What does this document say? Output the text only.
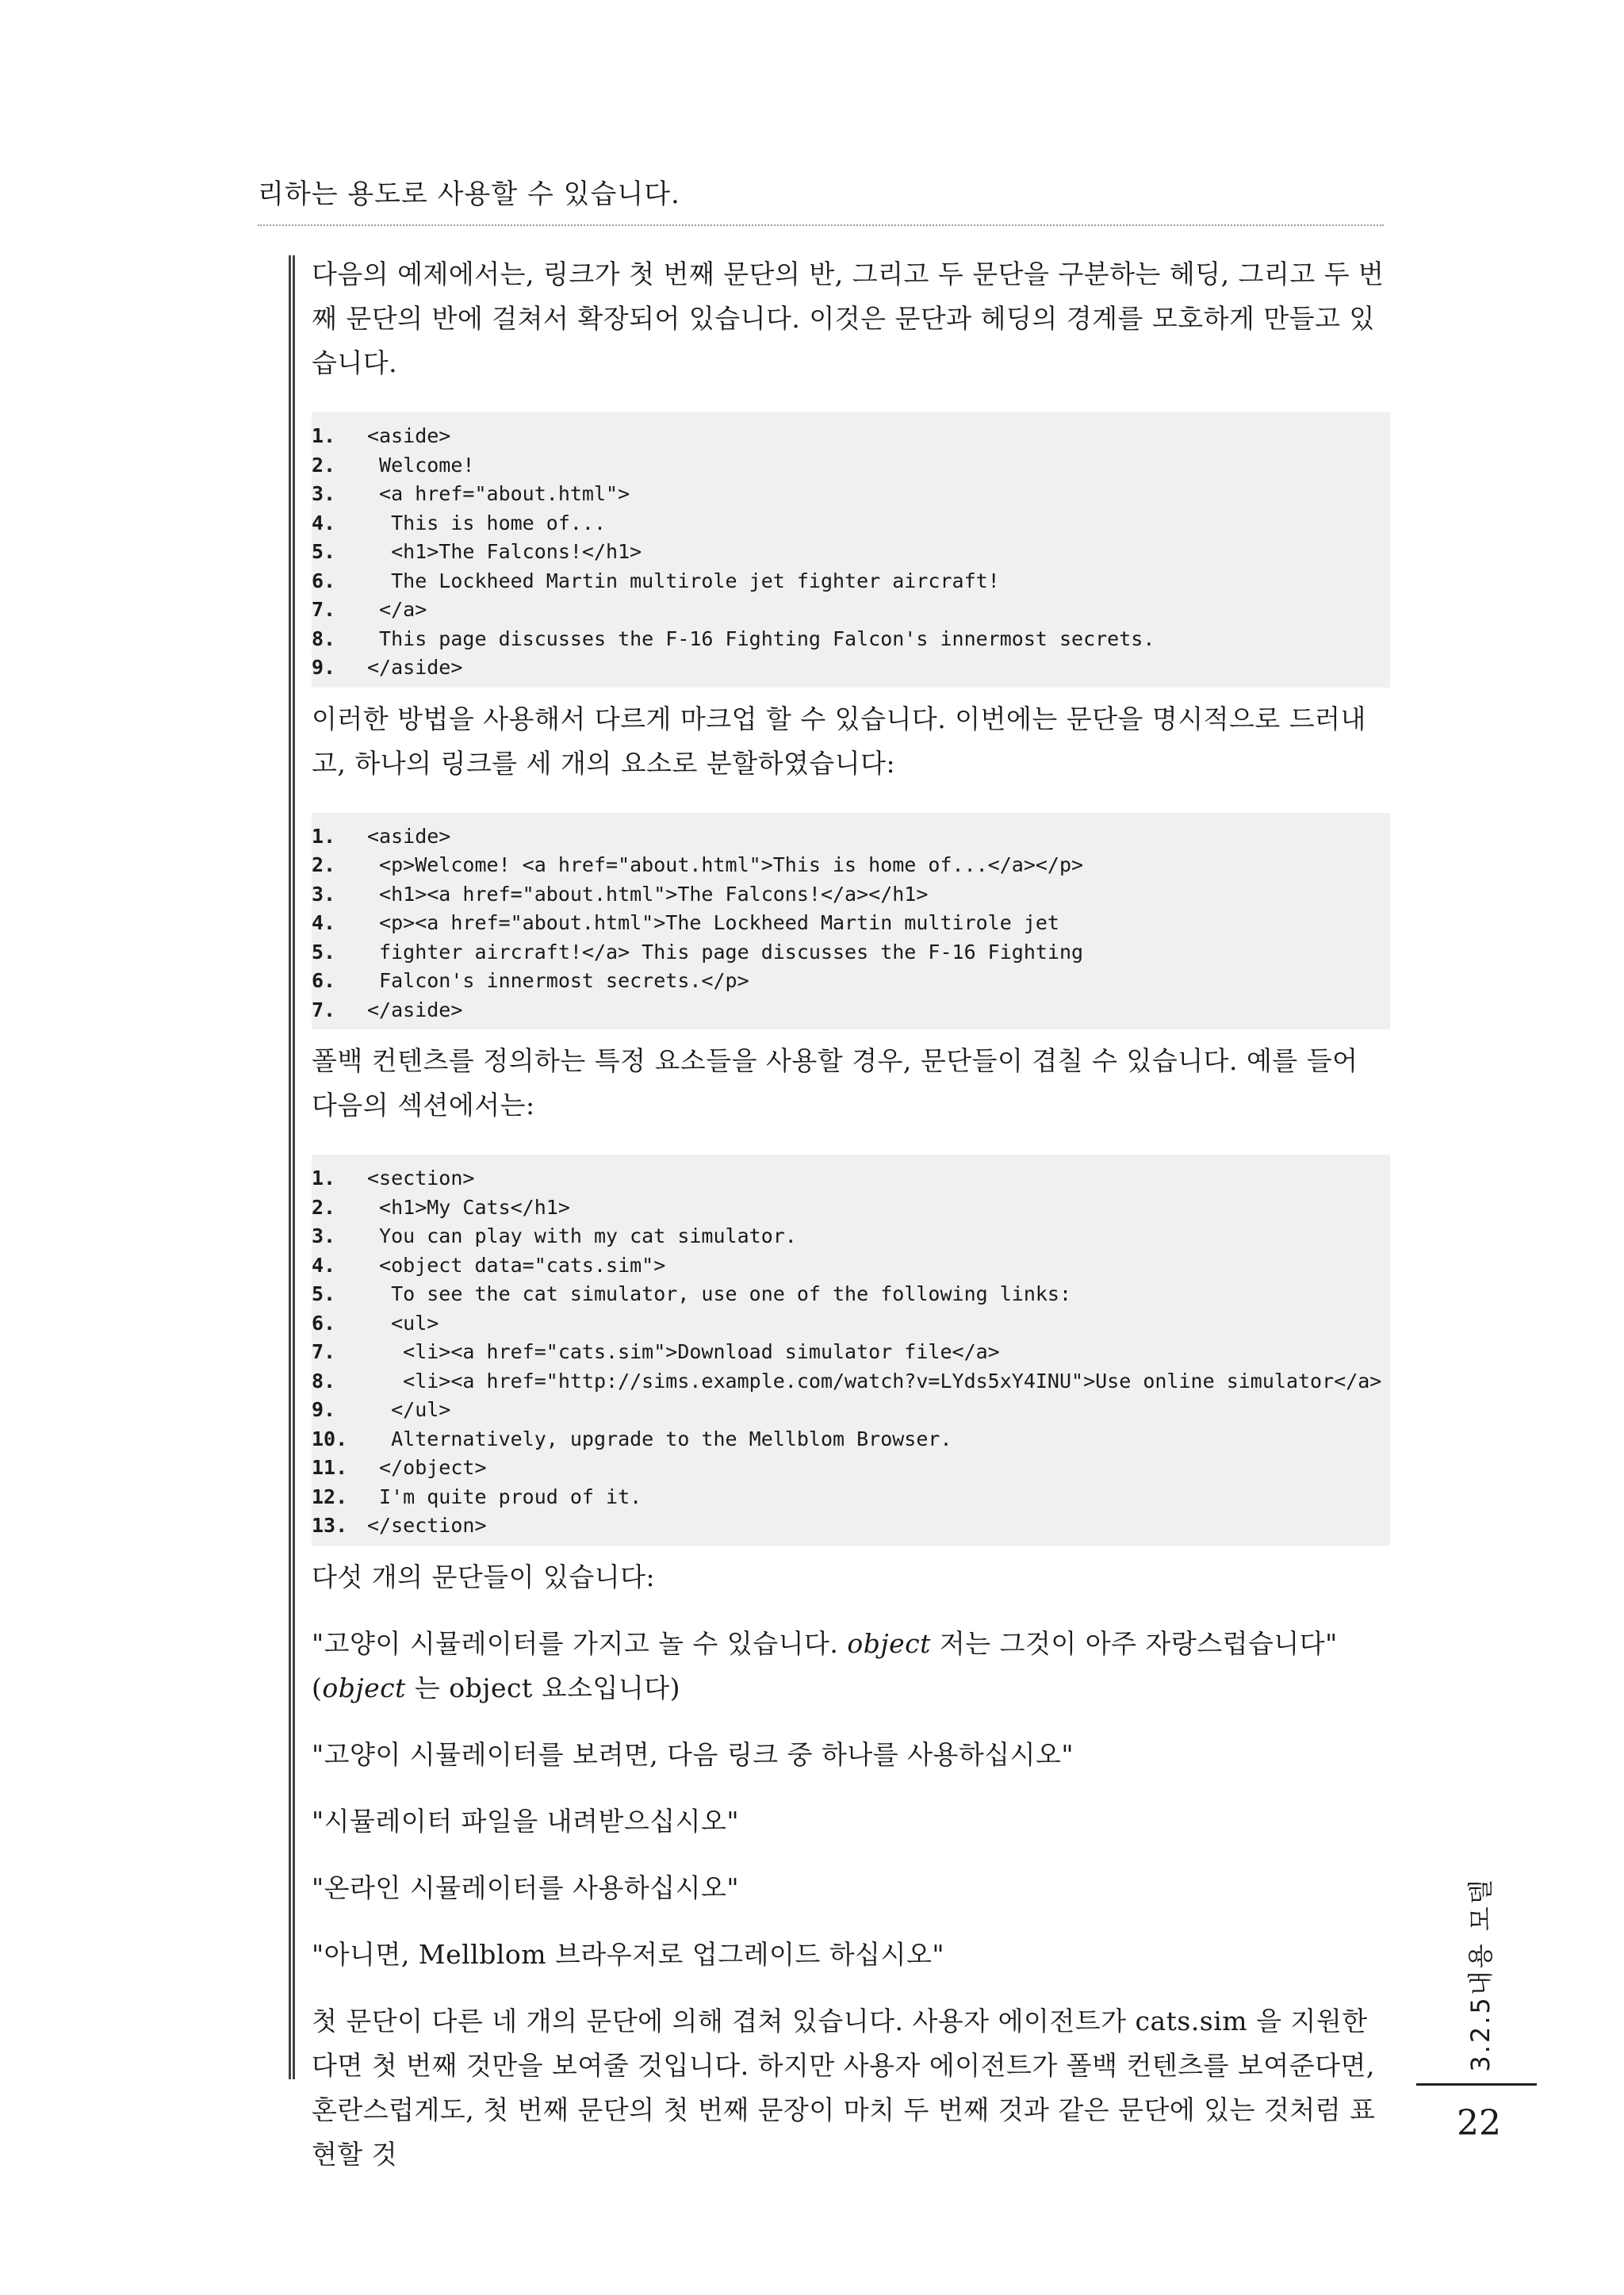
리하는 용도로 사용할 수 있습니다.

다음의 예제에서는, 링크가 첫 번째 문단의 반, 그리고 두 문단을 구분하는 헤딩, 그리고 두 번째 문단의 반에 걸쳐서 확장되어 있습니다. 이것은 문단과 헤딩의 경계를 모호하게 만들고 있습니다.

1.	<aside>
2.	Welcome!
3.	<a href="about.html">
4.	This is home of...
5.	<h1>The Falcons!</h1>
6.	The Lockheed Martin multirole jet fighter aircraft!
7.	</a>
8.	This page discusses the F-16 Fighting Falcon's innermost secrets.
9.	</aside>

이러한 방법을 사용해서 다르게 마크업 할 수 있습니다. 이번에는 문단을 명시적으로 드러내고, 하나의 링크를 세 개의 요소로 분할하였습니다:

1.	<aside>
2.	<p>Welcome! <a href="about.html">This is home of...</a></p>
3.	<h1><a href="about.html">The Falcons!</a></h1>
4.	<p><a href="about.html">The Lockheed Martin multirole jet
5.	fighter aircraft!</a> This page discusses the F-16 Fighting
6.	Falcon's innermost secrets.</p>
7.	</aside>

폴백 컨텐츠를 정의하는 특정 요소들을 사용할 경우, 문단들이 겹칠 수 있습니다. 예를 들어 다음의 섹션에서는:

1.	<section>
2.	<h1>My Cats</h1>
3.	You can play with my cat simulator.
4.	<object data="cats.sim">
5.	To see the cat simulator, use one of the following links:
6.	<ul>
7.	<li><a href="cats.sim">Download simulator file</a>
8.	<li><a href="http://sims.example.com/watch?v=LYds5xY4INU">Use online simulator</a>
9.	</ul>
10. Alternatively, upgrade to the Mellblom Browser.
11. </object>
12. I'm quite proud of it.
13. </section>

다섯 개의 문단들이 있습니다:

"고양이 시뮬레이터를 가지고 놀 수 있습니다. object 저는 그것이 아주 자랑스럽습니다" (object 는 object 요소입니다)

"고양이 시뮬레이터를 보려면, 다음 링크 중 하나를 사용하십시오"

"시뮬레이터 파일을 내려받으십시오"

"온라인 시뮬레이터를 사용하십시오"

"아니면, Mellblom 브라우저로 업그레이드 하십시오"

첫 문단이 다른 네 개의 문단에 의해 겹쳐 있습니다. 사용자 에이전트가 cats.sim 을 지원한다면 첫 번째 것만을 보여줄 것입니다. 하지만 사용자 에이전트가 폴백 컨텐츠를 보여준다면, 혼란스럽게도, 첫 번째 문단의 첫 번째 문장이 마치 두 번째 것과 같은 문단에 있는 것처럼 표현할 것

3.2.5내용 모델
22
